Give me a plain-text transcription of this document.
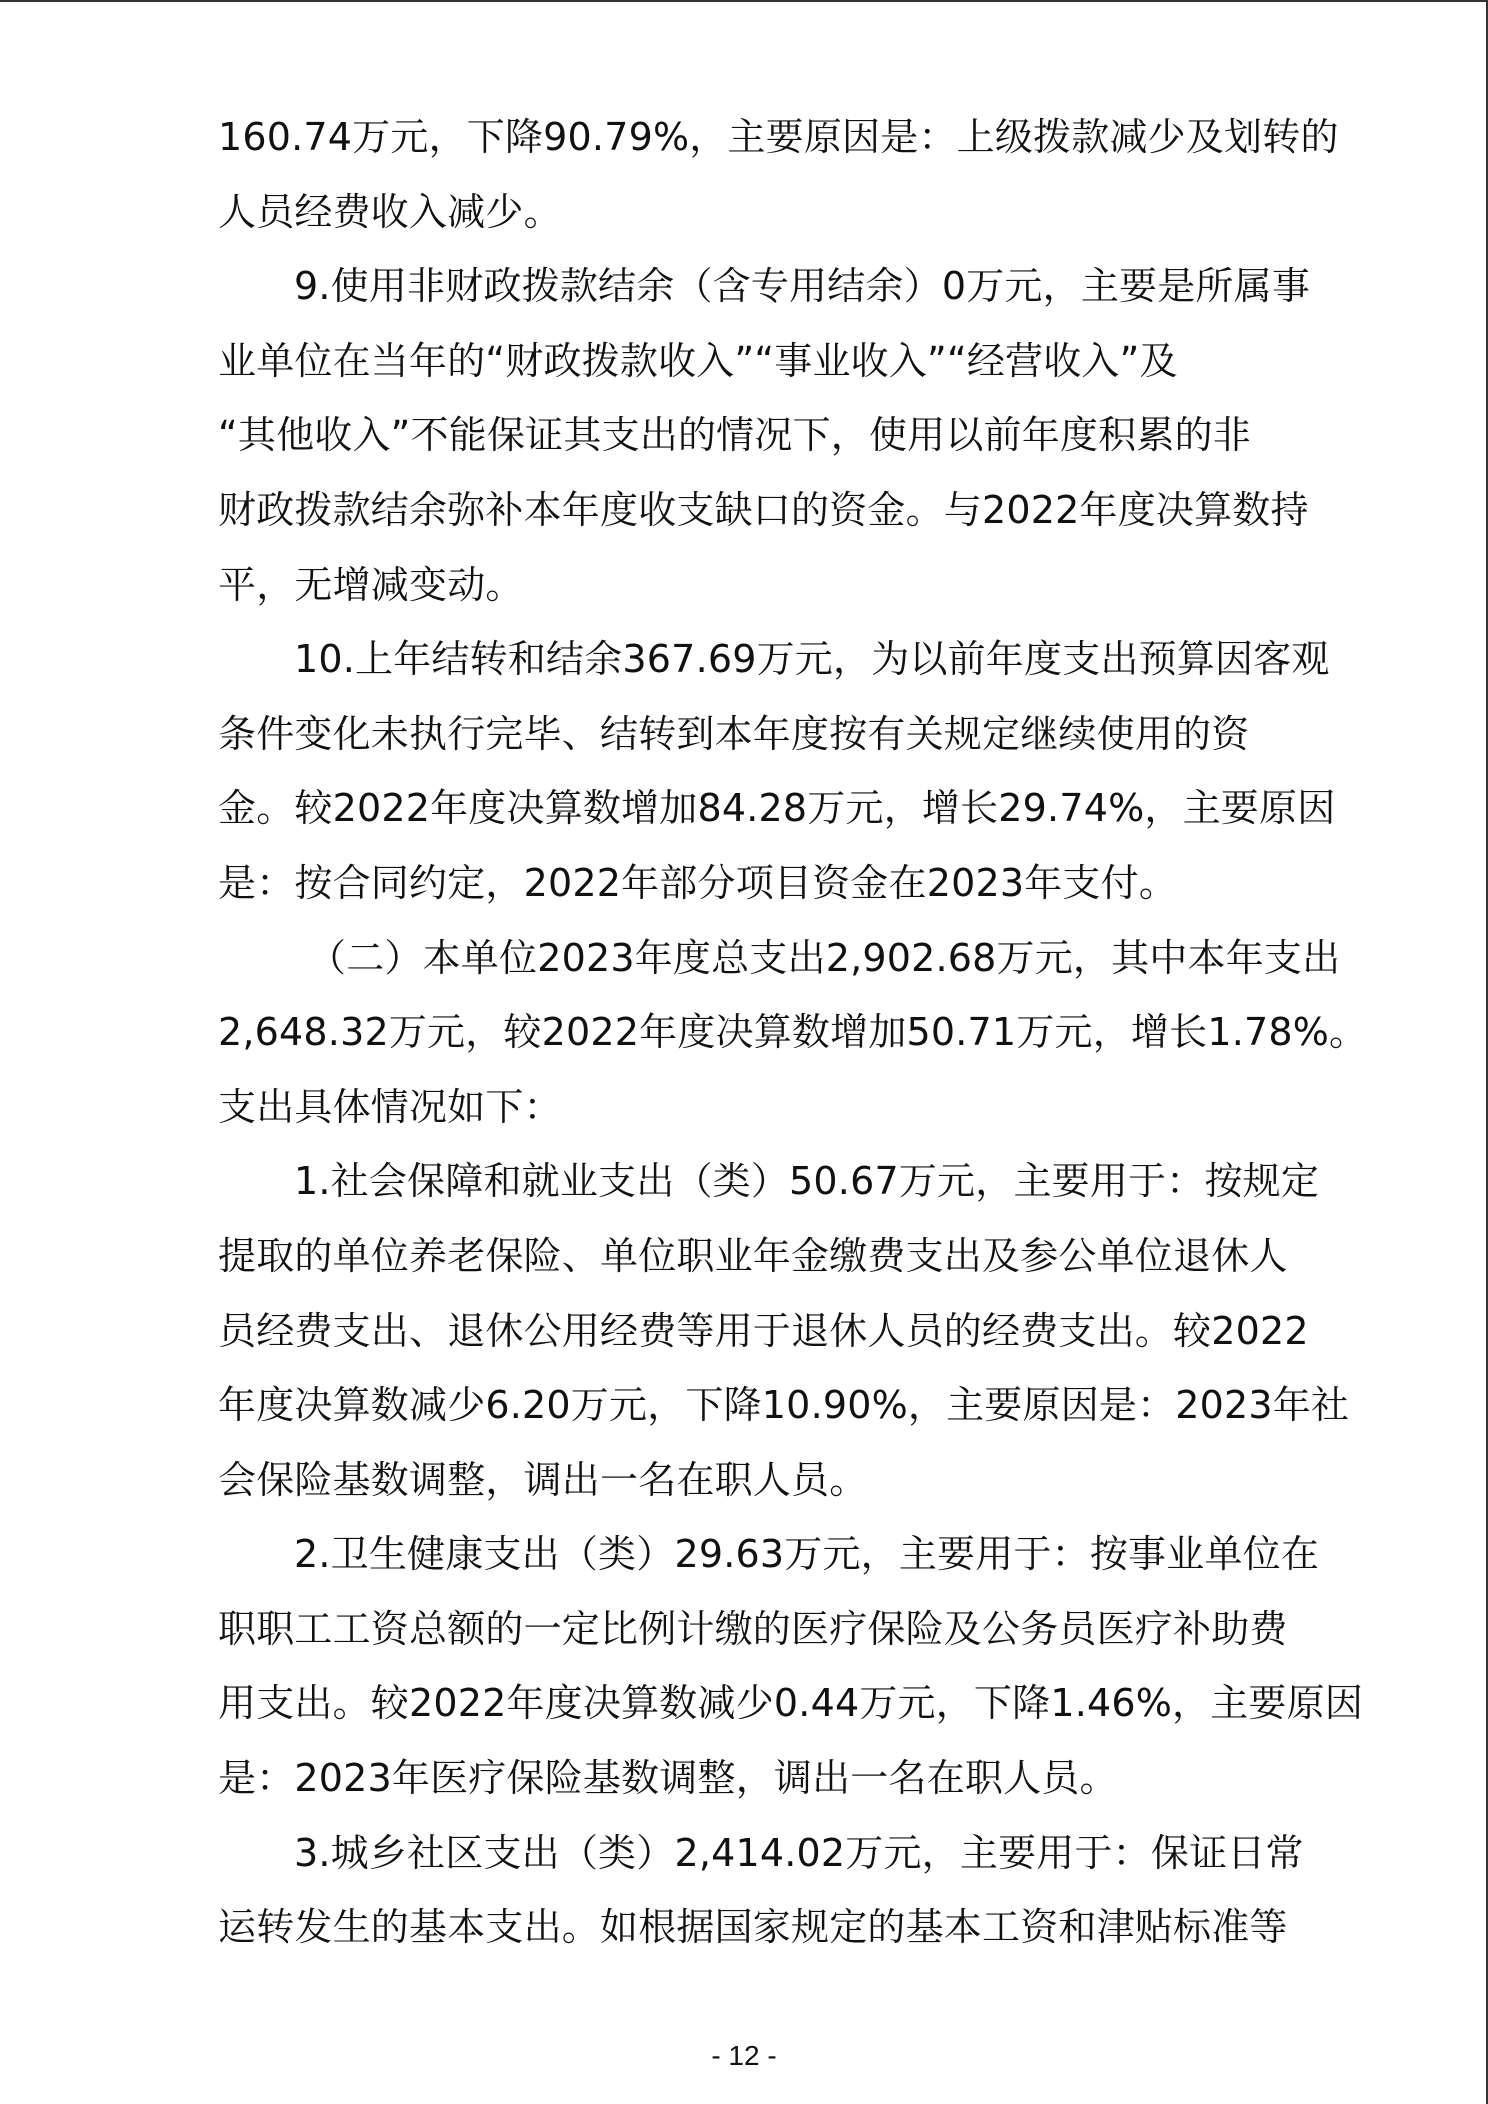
160.74万元，下降90.79%，主要原因是：上级拨款减少及划转的
人员经费收入减少。
9.使用非财政拨款结余（含专用结余）0万元，主要是所属事
业单位在当年的“财政拨款收入”“事业收入”“经营收入”及
“其他收入”不能保证其支出的情况下，使用以前年度积累的非
财政拨款结余弥补本年度收支缺口的资金。与2022年度决算数持
平，无增减变动。
10.上年结转和结余367.69万元，为以前年度支出预算因客观
条件变化未执行完毕、结转到本年度按有关规定继续使用的资
金。较2022年度决算数增加84.28万元，增长29.74%，主要原因
是：按合同约定，2022年部分项目资金在2023年支付。
（二）本单位2023年度总支出2,902.68万元，其中本年支出
2,648.32万元，较2022年度决算数增加50.71万元，增长1.78%。
支出具体情况如下：
1.社会保障和就业支出（类）50.67万元，主要用于：按规定
提取的单位养老保险、单位职业年金缴费支出及参公单位退休人
员经费支出、退休公用经费等用于退休人员的经费支出。较2022
年度决算数减少6.20万元，下降10.90%，主要原因是：2023年社
会保险基数调整，调出一名在职人员。
2.卫生健康支出（类）29.63万元，主要用于：按事业单位在
职职工工资总额的一定比例计缴的医疗保险及公务员医疗补助费
用支出。较2022年度决算数减少0.44万元，下降1.46%，主要原因
是：2023年医疗保险基数调整，调出一名在职人员。
3.城乡社区支出（类）2,414.02万元，主要用于：保证日常
运转发生的基本支出。如根据国家规定的基本工资和津贴标准等
- 12 -
